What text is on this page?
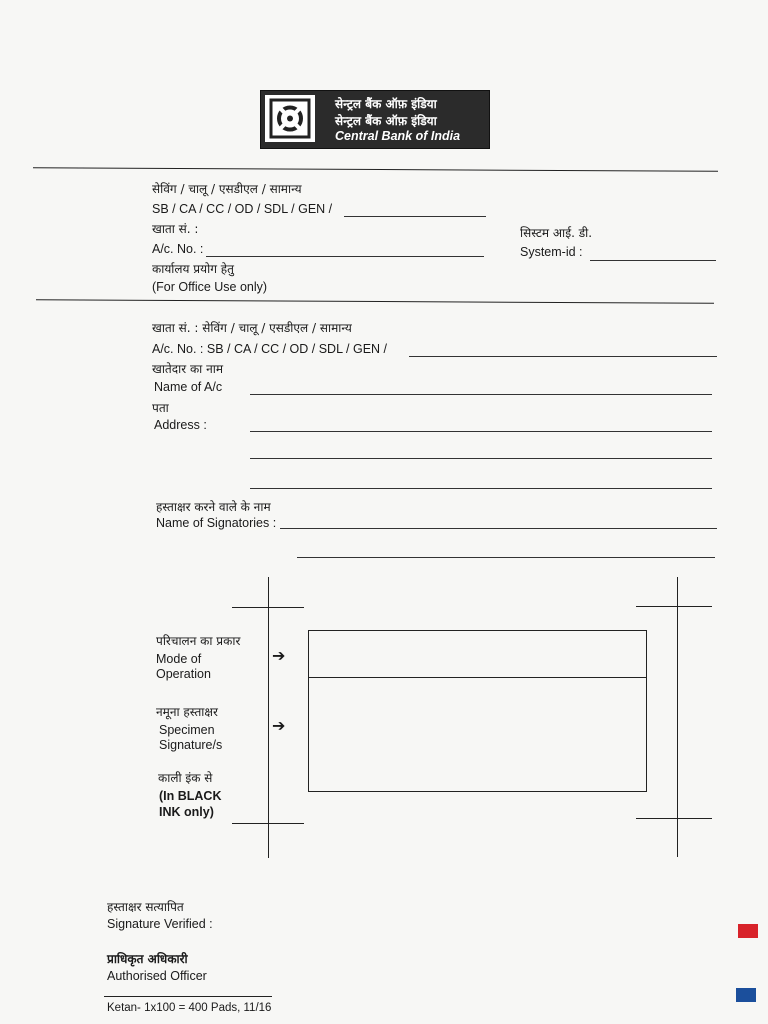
सेन्ट्रल बैंक ऑफ़ इंडिया
सेन्ट्रल बैंक ऑफ़ इंडिया
Central Bank of India
सेविंग / चालू / एसडीएल / सामान्य
SB / CA / CC / OD / SDL / GEN /
खाता सं. :
A/c. No. :
कार्यालय प्रयोग हेतु
(For Office Use only)
सिस्टम आई. डी.
System-id :
खाता सं. : सेविंग / चालू / एसडीएल / सामान्य
A/c. No. : SB / CA / CC / OD / SDL / GEN /
खातेदार का नाम
Name of A/c
पता
Address :
हस्ताक्षर करने वाले के नाम
Name of Signatories :
परिचालन का प्रकार
Mode of
Operation
➔
नमूना हस्ताक्षर
Specimen
Signature/s
➔
काली इंक से
(In BLACK
INK only)
हस्ताक्षर सत्यापित
Signature Verified :
प्राधिकृत अधिकारी
Authorised Officer
Ketan- 1x100 = 400 Pads, 11/16
